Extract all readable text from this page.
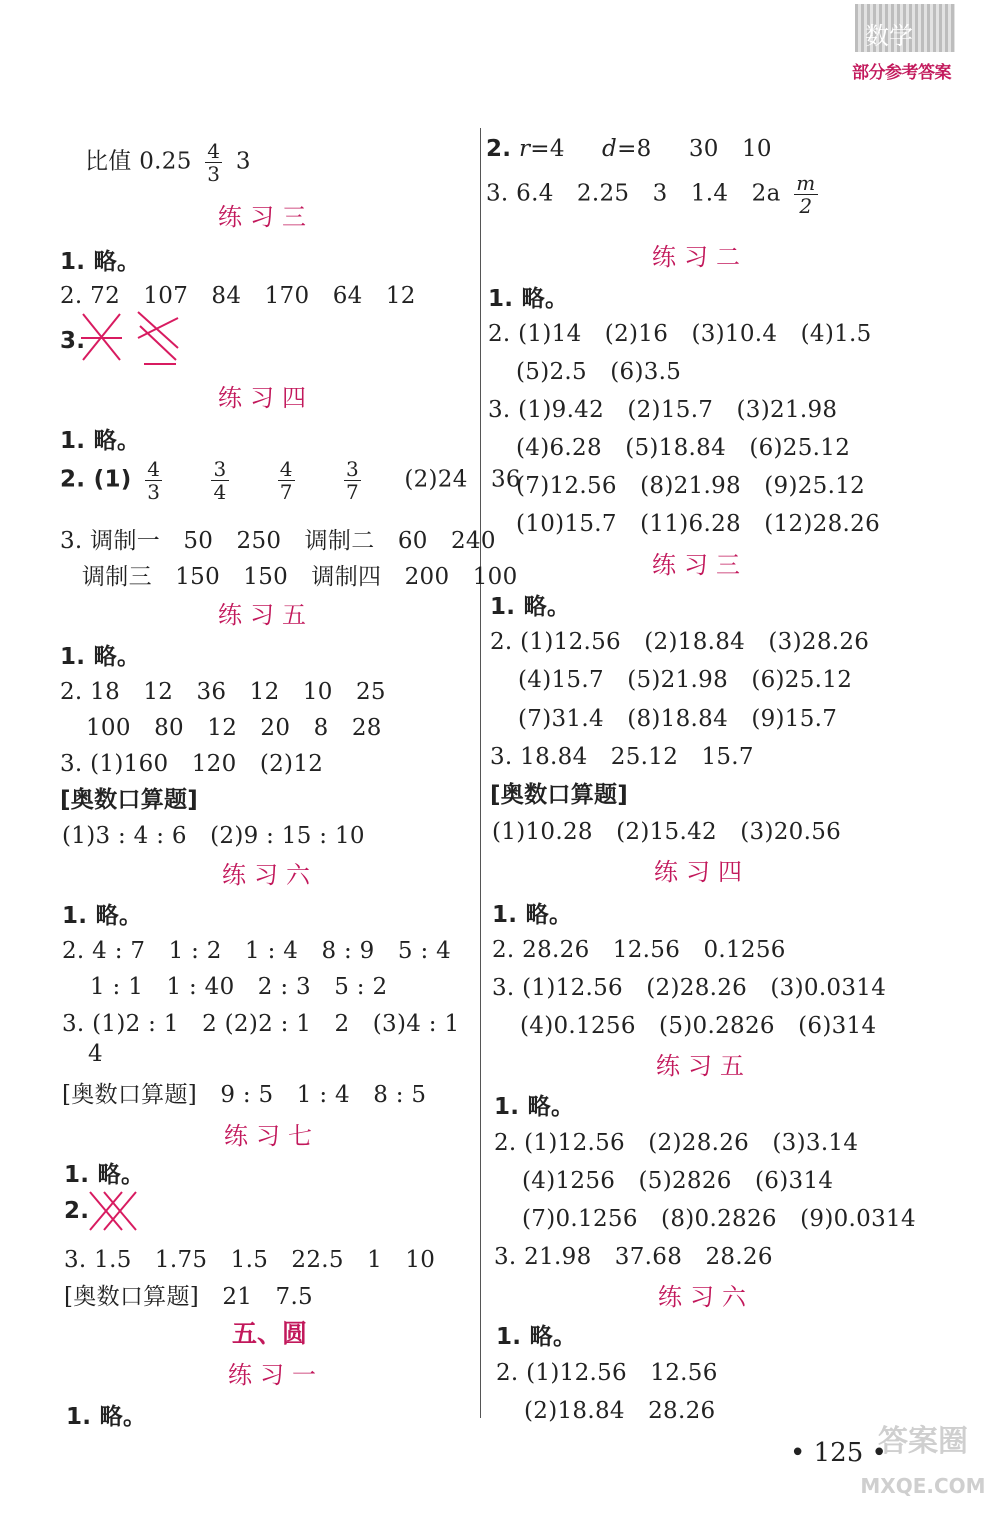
数学
部分参考答案
比值 $0.25 \frac{4}{3} 3$
练习三
1. 略。
2. 72　107　84　170　64　12
3.
练习四
1. 略。
2. $(1) \frac{4}{3}$
$\frac{3}{4}$
$\frac{4}{7}$
$\frac{3}{7} (2)24$　36
3. 调制一　50　250　调制二　60　240
调制三　150　150　调制四　200　100
练习五
1. 略。
2. 18　12　36　12　10　25
100　80　12　20　8　28
3. (1)160　120　(2)12
[奥数口算题]
(1)3 : 4 : 6　(2)9 : 15 : 10
练习六
1. 略。
2. 4 : 7　1 : 2　1 : 4　8 : 9　5 : 4
1 : 1　1 : 40　2 : 3　5 : 2
3. (1)2 : 1　2 (2)2 : 1　2　(3)4 : 1
4
[奥数口算题]　9 : 5　1 : 4　8 : 5
练习七
1. 略。
2.
3. 1.5　1.75　1.5　22.5　1　10
[奥数口算题]　21　7.5
五、圆
练习一
1. 略。
2. r=4 d=8 30　10
3. 6.4　2.25　3　1.4　$2a \frac{m}{2}$
练习二
1. 略。
2. (1)14　(2)16　(3)10.4　(4)1.5
(5)2.5　(6)3.5
3. (1)9.42　(2)15.7　(3)21.98
(4)6.28　(5)18.84　(6)25.12
(7)12.56　(8)21.98　(9)25.12
(10)15.7　(11)6.28　(12)28.26
练习三
1. 略。
2. (1)12.56　(2)18.84　(3)28.26
(4)15.7　(5)21.98　(6)25.12
(7)31.4　(8)18.84　(9)15.7
3. 18.84　25.12　15.7
[奥数口算题]
(1)10.28　(2)15.42　(3)20.56
练习四
1. 略。
2. 28.26　12.56　0.1256
3. (1)12.56　(2)28.26　(3)0.0314
(4)0.1256　(5)0.2826　(6)314
练习五
1. 略。
2. (1)12.56　(2)28.26　(3)3.14
(4)1256　(5)2826　(6)314
(7)0.1256　(8)0.2826　(9)0.0314
3. 21.98　37.68　28.26
练习六
1. 略。
2. (1)12.56　12.56
(2)18.84　28.26
答案圈
MXQE.COM
• 125 •
